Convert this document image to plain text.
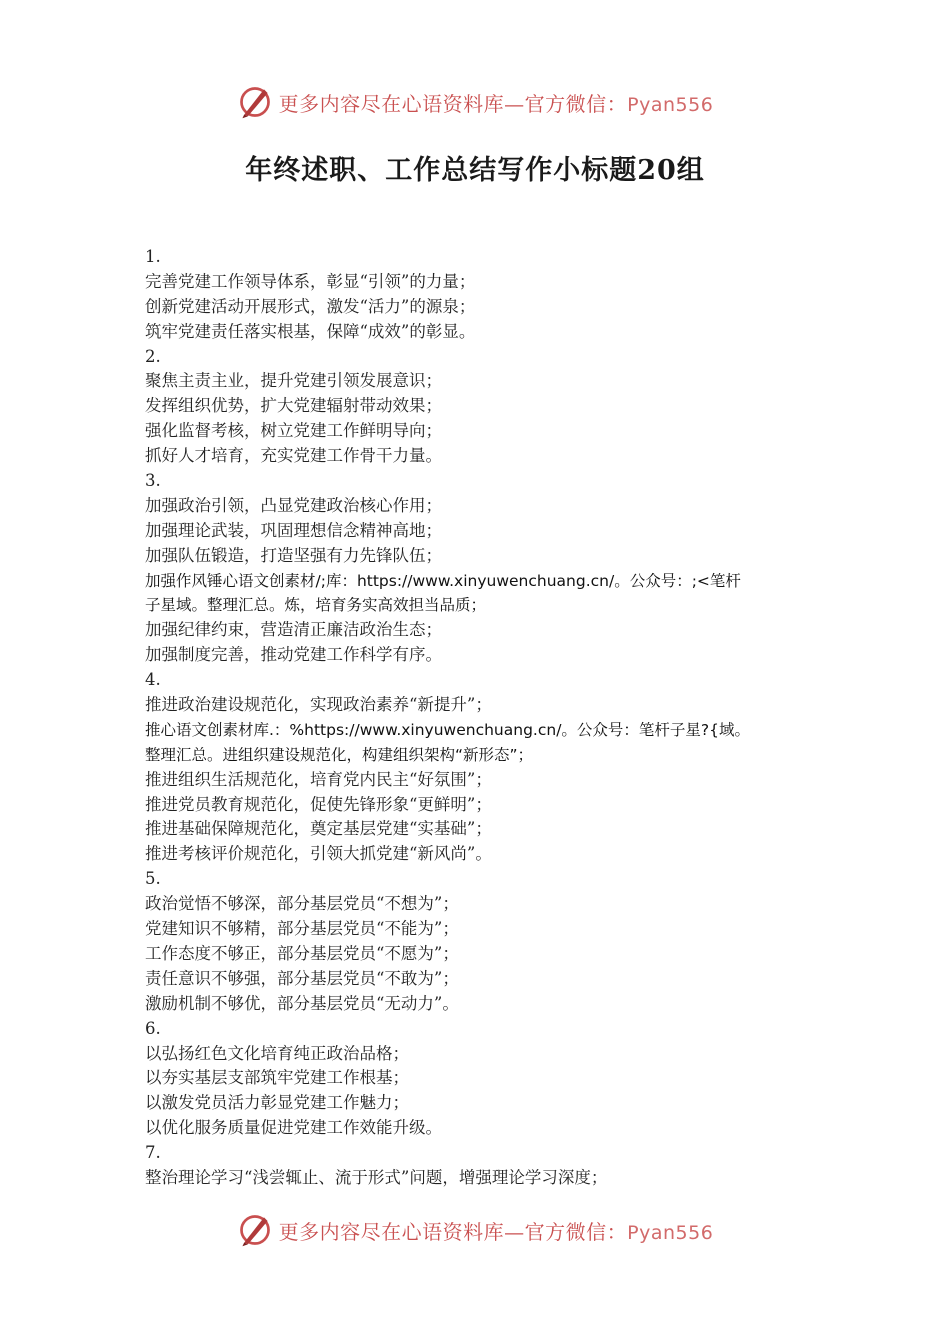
更多内容尽在心语资料库—官方微信：Pyan556
年终述职、工作总结写作小标题20组
1.
完善党建工作领导体系，彰显“引领”的力量；
创新党建活动开展形式，激发“活力”的源泉；
筑牢党建责任落实根基，保障“成效”的彰显。
2.
聚焦主责主业，提升党建引领发展意识；
发挥组织优势，扩大党建辐射带动效果；
强化监督考核，树立党建工作鲜明导向；
抓好人才培育，充实党建工作骨干力量。
3.
加强政治引领，凸显党建政治核心作用；
加强理论武装，巩固理想信念精神高地；
加强队伍锻造，打造坚强有力先锋队伍；
加强作风锤心语文创素材/;库：https://www.xinyuwenchuang.cn/。公众号：;<笔杆
子星域。整理汇总。炼，培育务实高效担当品质；
加强纪律约束，营造清正廉洁政治生态；
加强制度完善，推动党建工作科学有序。
4.
推进政治建设规范化，实现政治素养“新提升”；
推心语文创素材库.：%https://www.xinyuwenchuang.cn/。公众号：笔杆子星?{域。
整理汇总。进组织建设规范化，构建组织架构“新形态”；
推进组织生活规范化，培育党内民主“好氛围”；
推进党员教育规范化，促使先锋形象“更鲜明”；
推进基础保障规范化，奠定基层党建“实基础”；
推进考核评价规范化，引领大抓党建“新风尚”。
5.
政治觉悟不够深，部分基层党员“不想为”；
党建知识不够精，部分基层党员“不能为”；
工作态度不够正，部分基层党员“不愿为”；
责任意识不够强，部分基层党员“不敢为”；
激励机制不够优，部分基层党员“无动力”。
6.
以弘扬红色文化培育纯正政治品格；
以夯实基层支部筑牢党建工作根基；
以激发党员活力彰显党建工作魅力；
以优化服务质量促进党建工作效能升级。
7.
整治理论学习“浅尝辄止、流于形式”问题，增强理论学习深度；
更多内容尽在心语资料库—官方微信：Pyan556
